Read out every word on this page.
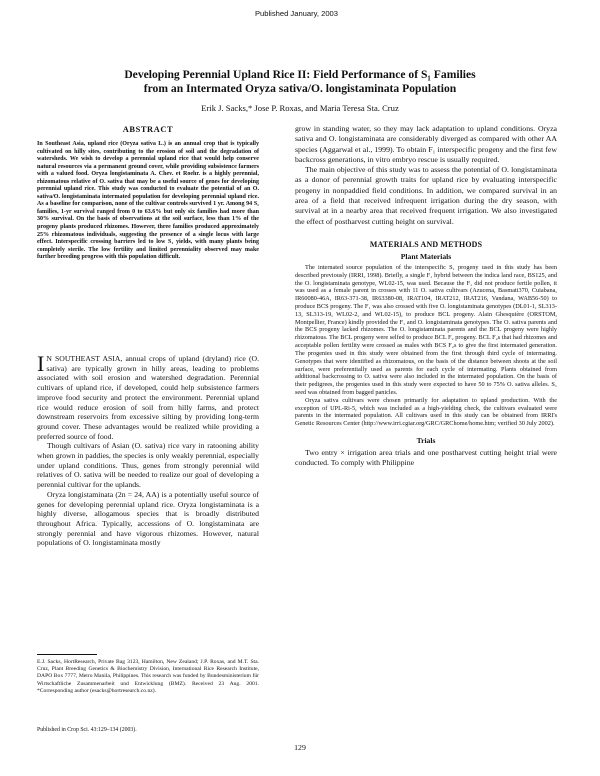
Published January, 2003
Developing Perennial Upland Rice II: Field Performance of S₁ Families
from an Intermated Oryza sativa/O. longistaminata Population
Erik J. Sacks,* Jose P. Roxas, and Maria Teresa Sta. Cruz
ABSTRACT

In Southeast Asia, upland rice (Oryza sativa L.) is an annual crop that is typically cultivated on hilly sites, contributing to the erosion of soil and the degradation of watersheds. We wish to develop a perennial upland rice that would help conserve natural resources via a permanent ground cover, while providing subsistence farmers with a valued food. Oryza longistaminata A. Chev. et Roehr. is a highly perennial, rhizomatous relative of O. sativa that may be a useful source of genes for developing perennial upland rice. This study was conducted to evaluate the potential of an O. sativa/O. longistaminata intermated population for developing perennial upland rice. As a baseline for comparison, none of the cultivar controls survived 1 yr. Among 94 S₁ families, 1-yr survival ranged from 0 to 63.6% but only six families had more than 30% survival. On the basis of observations at the soil surface, less than 1% of the progeny plants produced rhizomes. However, three families produced approximately 25% rhizomatous individuals, suggesting the presence of a single locus with large effect. Interspecific crossing barriers led to low S₁ yields, with many plants being completely sterile. The low fertility and limited perenniality observed may make further breeding progress with this population difficult.

I N SOUTHEAST ASIA, annual crops of upland (dryland) rice (O. sativa) are typically grown in hilly areas, leading to problems associated with soil erosion and watershed degradation. Perennial cultivars of upland rice, if developed, could help subsistence farmers improve food security and protect the environment. Perennial upland rice would reduce erosion of soil from hilly farms, and protect downstream reservoirs from excessive silting by providing long-term ground cover. These advantages would be realized while providing a preferred source of food.

Though cultivars of Asian (O. sativa) rice vary in ratooning ability when grown in paddies, the species is only weakly perennial, especially under upland conditions. Thus, genes from strongly perennial wild relatives of O. sativa will be needed to realize our goal of developing a perennial cultivar for the uplands.

Oryza longistaminata (2n = 24, AA) is a potentially useful source of genes for developing perennial upland rice. Oryza longistaminata is a highly diverse, allogamous species that is broadly distributed throughout Africa. Typically, accessions of O. longistaminata are strongly perennial and have vigorous rhizomes. However, natural populations of O. longistaminata mostly

E.J. Sacks, HortResearch, Private Bag 3123, Hamilton, New Zealand; J.P. Roxas, and M.T. Sta. Cruz, Plant Breeding Genetics & Biochemistry Division, International Rice Research Institute, DAPO Box 7777, Metro Manila, Philippines. This research was funded by Bundesministerium für Wirtschaftliche Zusammenarbeit und Entwicklung (BMZ). Received 23 Aug. 2001. *Corresponding author (esacks@hortresearch.co.nz).

Published in Crop Sci. 43:129–134 (2003).

grow in standing water, so they may lack adaptation to upland conditions. Oryza sativa and O. longistaminata are considerably diverged as compared with other AA species (Aggarwal et al., 1999). To obtain F₁ interspecific progeny and the first few backcross generations, in vitro embryo rescue is usually required.

The main objective of this study was to assess the potential of O. longistaminata as a donor of perennial growth traits for upland rice by evaluating interspecific progeny in nonpaddied field conditions. In addition, we compared survival in an area of a field that received infrequent irrigation during the dry season, with survival at in a nearby area that received frequent irrigation. We also investigated the effect of postharvest cutting height on survival.

MATERIALS AND METHODS
Plant Materials

The internated source population of the interspecific S₁ progeny used in this study has been described previously (IRRI, 1998). Briefly, a single F₁ hybrid between the indica land race, BS125, and the O. longistaminata genotype, WL02-15, was used. Because the F₁ did not produce fertile pollen, it was used as a female parent in crosses with 11 O. sativa cultivars (Azucena, Basmati370, Cuiabana, IR60080-46A, IR63-371-38, IR63380-08, IRAT104, IRAT212, IRAT216, Vandana, WAB56-50) to produce BCS progeny. The F₁ was also crossed with five O. longistaminata genotypes (DL01-1, SL313-13, SL313-19, WL02-2, and WL02-15), to produce BCL progeny. Alain Ghesquière (ORSTOM, Montpellier, France) kindly provided the F₁ and O. longistaminata genotypes. The O. sativa parents and the BCS progeny lacked rhizomes. The O. longistaminata parents and the BCL progeny were highly rhizomatous. The BCL progeny were selfed to produce BCL F₂ progeny. BCL F₂s that had rhizomes and acceptable pollen fertility were crossed as males with BCS F₂s to give the first intermated generation. The progenies used in this study were obtained from the first through third cycle of intermating. Genotypes that were identified as rhizomatous, on the basis of the distance between shoots at the soil surface, were preferentially used as parents for each cycle of intermating. Plants obtained from additional backcrossing to O. sativa were also included in the intermated population. On the basis of their pedigrees, the progenies used in this study were expected to have 50 to 75% O. sativa alleles. S₁ seed was obtained from bagged panicles.

Oryza sativa cultivars were chosen primarily for adaptation to upland production. With the exception of UPL-Ri-5, which was included as a high-yielding check, the cultivars evaluated were parents in the intermated population. All cultivars used in this study can be obtained from IRRI's Genetic Resources Center (http://www.irri.cgiar.org/GRC/GRChome/home.htm; verified 30 July 2002).

Trials

Two entry × irrigation area trials and one postharvest cutting height trial were conducted. To comply with Philippine

129
